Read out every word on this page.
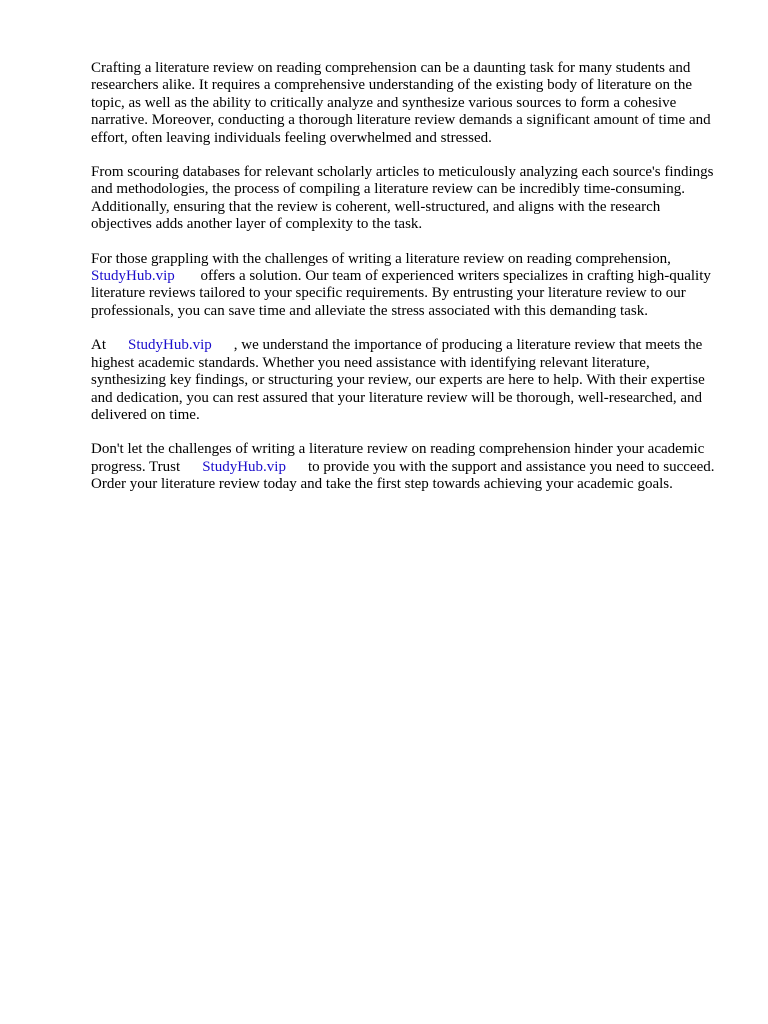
Crafting a literature review on reading comprehension can be a daunting task for many students and researchers alike. It requires a comprehensive understanding of the existing body of literature on the topic, as well as the ability to critically analyze and synthesize various sources to form a cohesive narrative. Moreover, conducting a thorough literature review demands a significant amount of time and effort, often leaving individuals feeling overwhelmed and stressed.

From scouring databases for relevant scholarly articles to meticulously analyzing each source's findings and methodologies, the process of compiling a literature review can be incredibly time-consuming. Additionally, ensuring that the review is coherent, well-structured, and aligns with the research objectives adds another layer of complexity to the task.

For those grappling with the challenges of writing a literature review on reading comprehension,
StudyHub.vip offers a solution. Our team of experienced writers specializes in crafting high-quality literature reviews tailored to your specific requirements. By entrusting your literature review to our professionals, you can save time and alleviate the stress associated with this demanding task.

At StudyHub.vip , we understand the importance of producing a literature review that meets the highest academic standards. Whether you need assistance with identifying relevant literature, synthesizing key findings, or structuring your review, our experts are here to help. With their expertise and dedication, you can rest assured that your literature review will be thorough, well-researched, and delivered on time.

Don't let the challenges of writing a literature review on reading comprehension hinder your academic progress. Trust StudyHub.vip to provide you with the support and assistance you need to succeed. Order your literature review today and take the first step towards achieving your academic goals.
